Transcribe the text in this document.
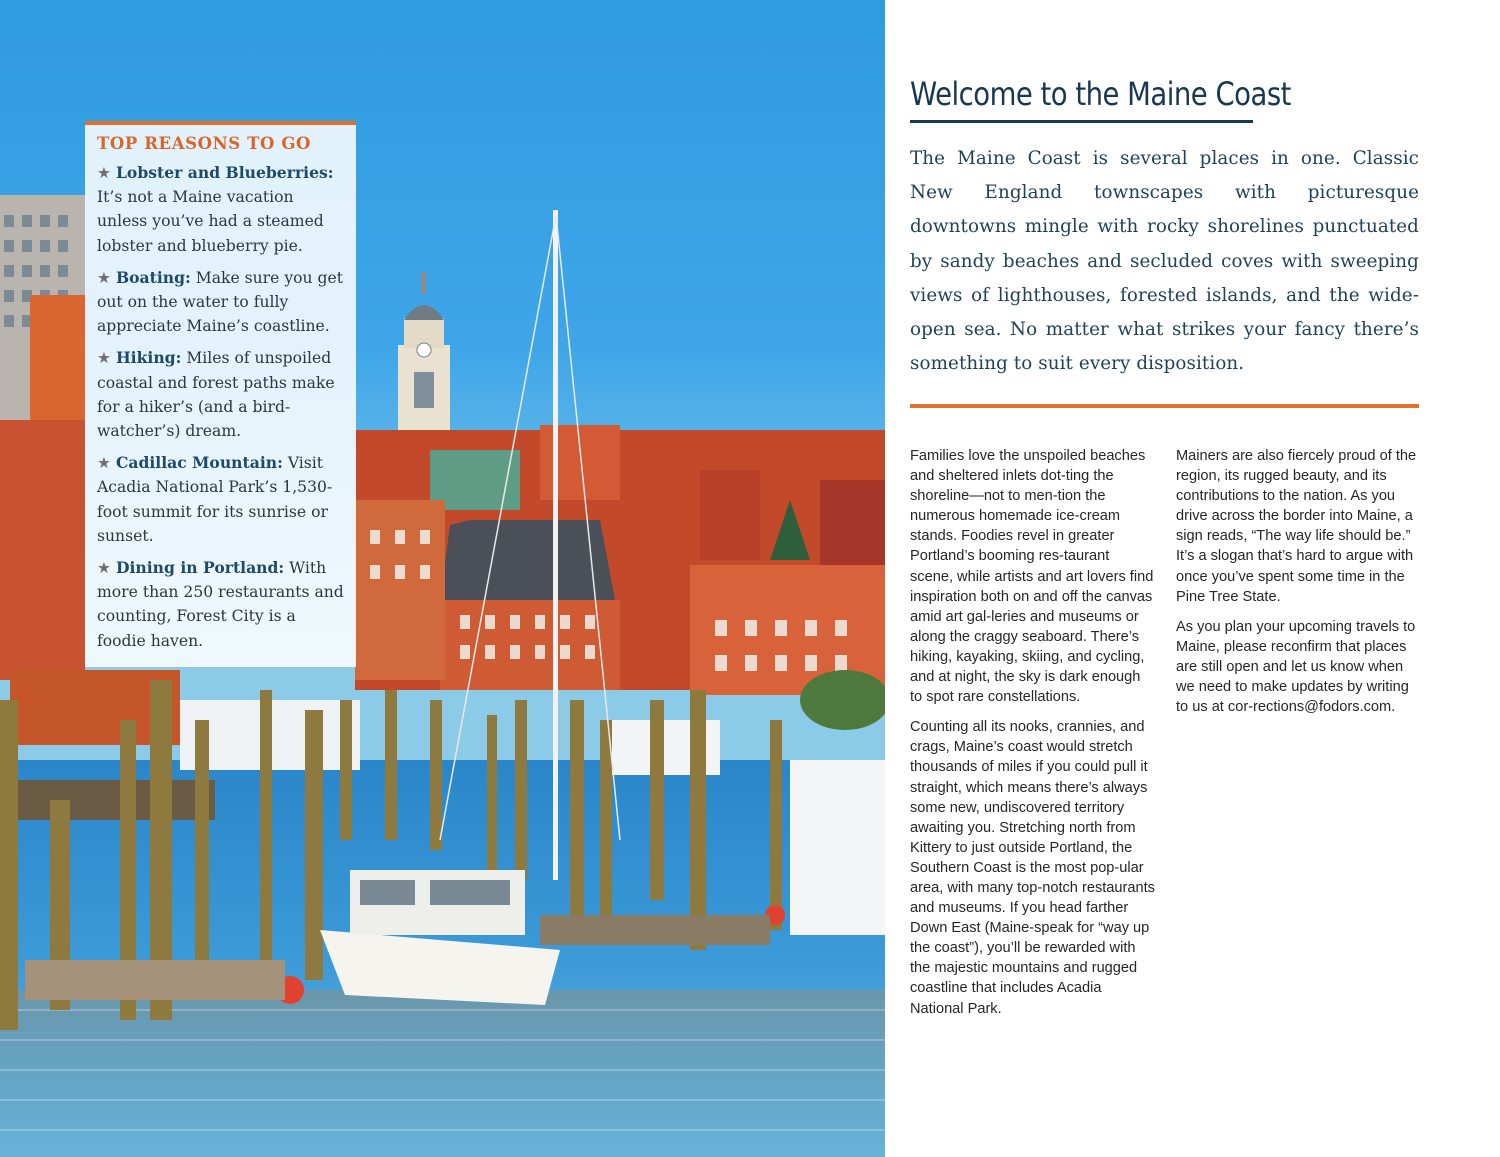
TOP REASONS TO GO
★ Lobster and Blueberries: It’s not a Maine vacation unless you’ve had a steamed lobster and blueberry pie.
★ Boating: Make sure you get out on the water to fully appreciate Maine’s coastline.
★ Hiking: Miles of unspoiled coastal and forest paths make for a hiker’s (and a bird-watcher’s) dream.
★ Cadillac Mountain: Visit Acadia National Park’s 1,530-foot summit for its sunrise or sunset.
★ Dining in Portland: With more than 250 restaurants and counting, Forest City is a foodie haven.
Welcome to the Maine Coast

The Maine Coast is several places in one. Classic New England townscapes with picturesque downtowns mingle with rocky shorelines punctuated by sandy beaches and secluded coves with sweeping views of lighthouses, forested islands, and the wide-open sea. No matter what strikes your fancy there’s something to suit every disposition.

Families love the unspoiled beaches and sheltered inlets dot-ting the shoreline—not to men-tion the numerous homemade ice-cream stands. Foodies revel in greater Portland’s booming res-taurant scene, while artists and art lovers find inspiration both on and off the canvas amid art gal-leries and museums or along the craggy seaboard. There’s hiking, kayaking, skiing, and cycling, and at night, the sky is dark enough to spot rare constellations.

Counting all its nooks, crannies, and crags, Maine’s coast would stretch thousands of miles if you could pull it straight, which means there’s always some new, undiscovered territory awaiting you. Stretching north from Kittery to just outside Portland, the Southern Coast is the most pop-ular area, with many top-notch restaurants and museums. If you head farther Down East (Maine-speak for “way up the coast”), you’ll be rewarded with the majestic mountains and rugged coastline that includes Acadia National Park.

Mainers are also fiercely proud of the region, its rugged beauty, and its contributions to the nation. As you drive across the border into Maine, a sign reads, “The way life should be.” It’s a slogan that’s hard to argue with once you’ve spent some time in the Pine Tree State.

As you plan your upcoming travels to Maine, please reconfirm that places are still open and let us know when we need to make updates by writing to us at cor-rections@fodors.com.
